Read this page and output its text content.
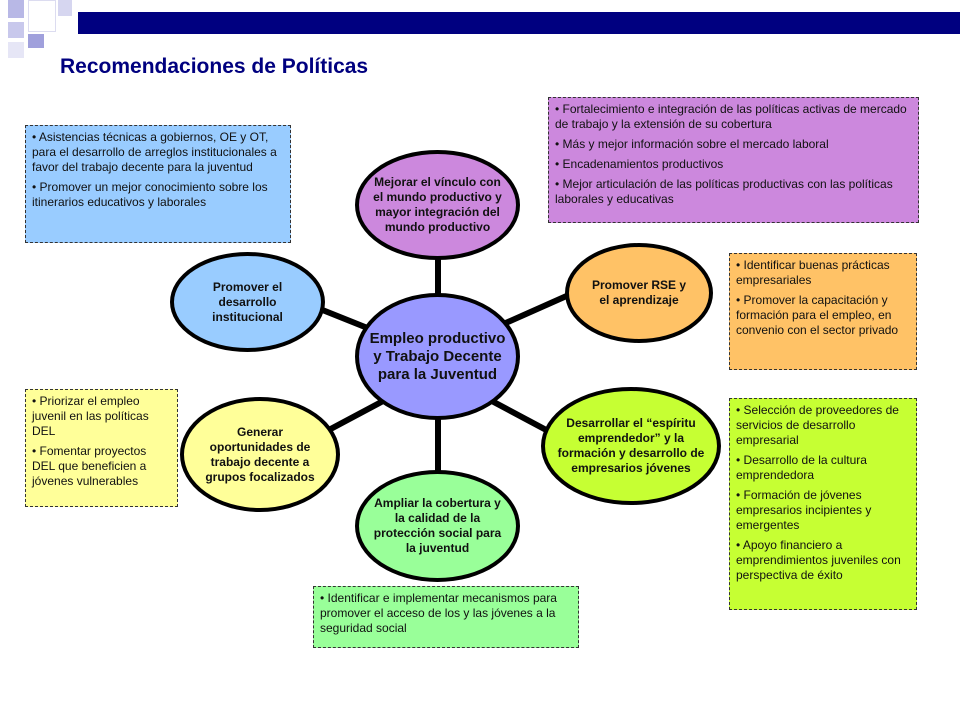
Recomendaciones de Políticas
Empleo productivo y Trabajo Decente para la Juventud
Mejorar el vínculo con el mundo productivo y mayor integración del mundo productivo
Promover RSE y el aprendizaje
Desarrollar el “espíritu emprendedor” y la formación y desarrollo de empresarios jóvenes
Ampliar la cobertura y la calidad de la protección social para la juventud
Generar oportunidades de trabajo decente a grupos focalizados
Promover el desarrollo institucional
• Fortalecimiento e integración de las políticas activas de mercado de trabajo y la extensión de su cobertura
• Más y mejor información sobre el mercado laboral
• Encadenamientos productivos
• Mejor articulación de las políticas productivas con las políticas laborales y educativas
• Asistencias técnicas a gobiernos, OE y OT, para el desarrollo de arreglos institucionales a favor del trabajo decente para la juventud
• Promover un mejor conocimiento sobre los itinerarios educativos y laborales
• Identificar buenas prácticas empresariales
• Promover la capacitación y formación para el empleo, en convenio con el sector privado
• Selección de proveedores de servicios de desarrollo empresarial
• Desarrollo de la cultura emprendedora
• Formación de jóvenes empresarios incipientes y emergentes
• Apoyo financiero a emprendimientos juveniles con perspectiva de éxito
• Priorizar el empleo juvenil en las políticas DEL
• Fomentar proyectos DEL que beneficien a jóvenes vulnerables
• Identificar e implementar mecanismos para promover el acceso de los y las jóvenes a la seguridad social
